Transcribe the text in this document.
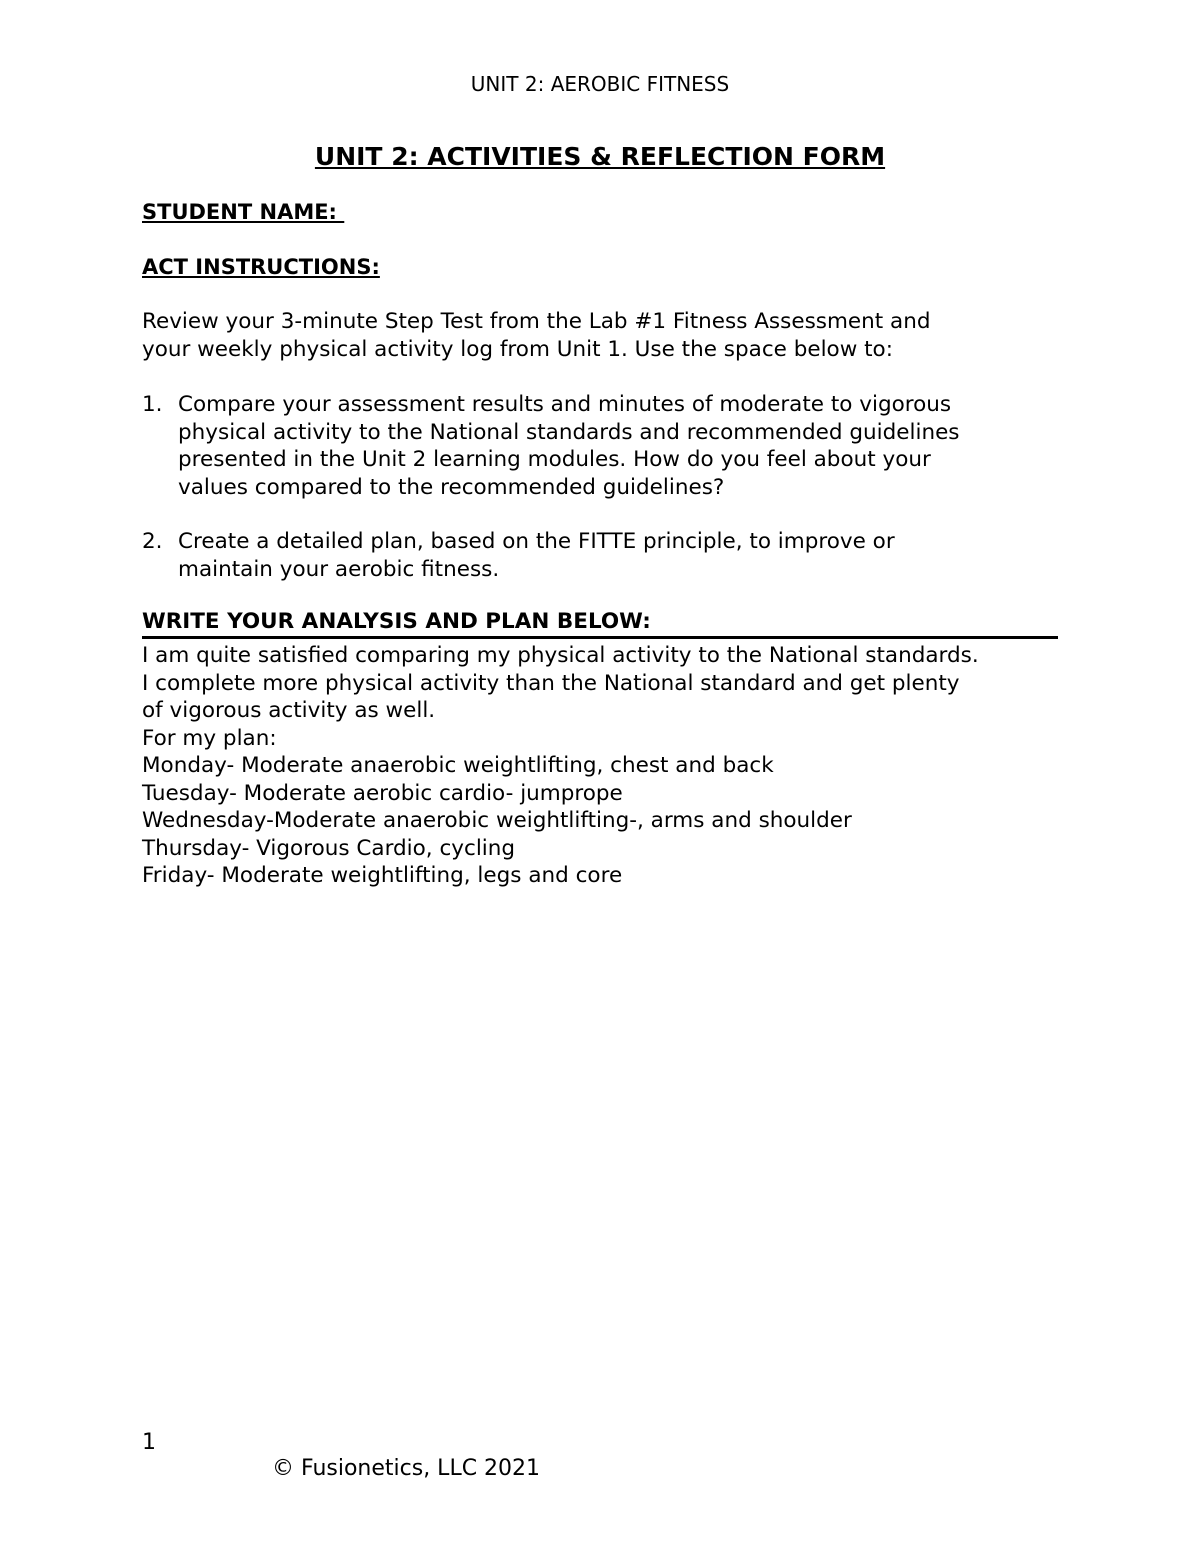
UNIT 2: AEROBIC FITNESS
UNIT 2: ACTIVITIES & REFLECTION FORM
STUDENT NAME:
ACT INSTRUCTIONS:
Review your 3-minute Step Test from the Lab #1 Fitness Assessment and
your weekly physical activity log from Unit 1. Use the space below to:
1. Compare your assessment results and minutes of moderate to vigorous
physical activity to the National standards and recommended guidelines
presented in the Unit 2 learning modules. How do you feel about your
values compared to the recommended guidelines?
2. Create a detailed plan, based on the FITTE principle, to improve or
maintain your aerobic fitness.
WRITE YOUR ANALYSIS AND PLAN BELOW:
I am quite satisfied comparing my physical activity to the National standards.
I complete more physical activity than the National standard and get plenty
of vigorous activity as well.
For my plan:
Monday- Moderate anaerobic weightlifting, chest and back
Tuesday- Moderate aerobic cardio- jumprope
Wednesday-Moderate anaerobic weightlifting-, arms and shoulder
Thursday- Vigorous Cardio, cycling
Friday- Moderate weightlifting, legs and core
1
© Fusionetics, LLC 2021
